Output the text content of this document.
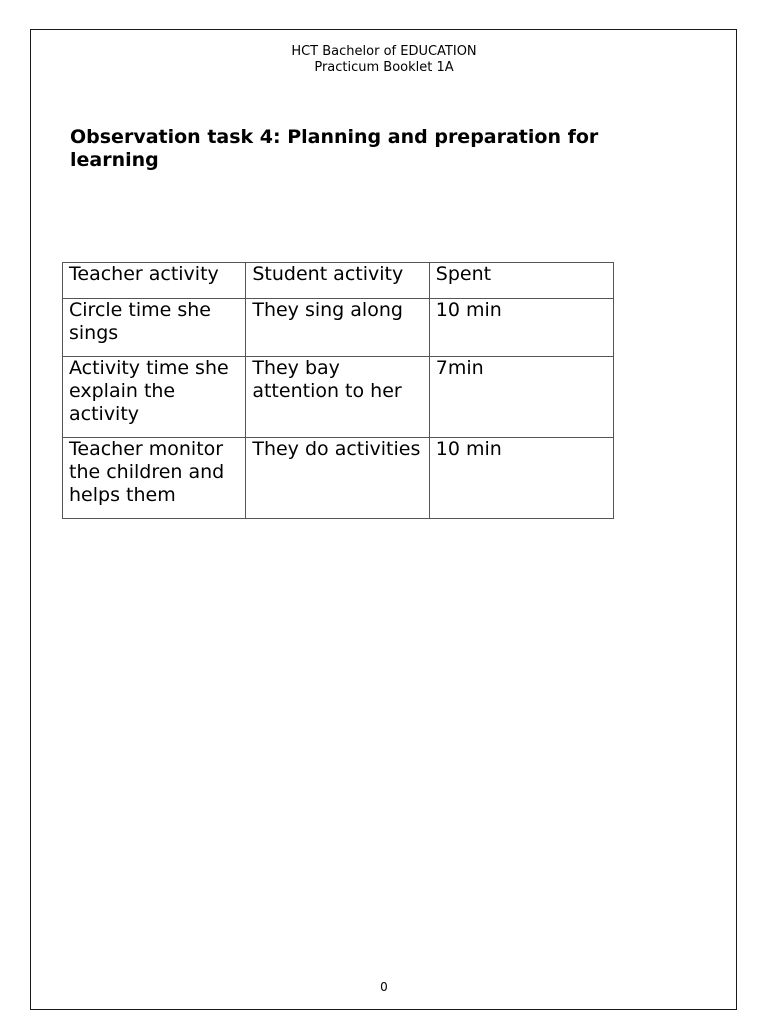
HCT Bachelor of EDUCATION
Practicum Booklet 1A
Observation task 4: Planning and preparation for learning
Teacher activity	Student activity	Spent
Circle time she sings	They sing along	10 min
Activity time she explain the activity	They bay attention to her	7min
Teacher monitor the children and helps them	They do activities	10 min
0
